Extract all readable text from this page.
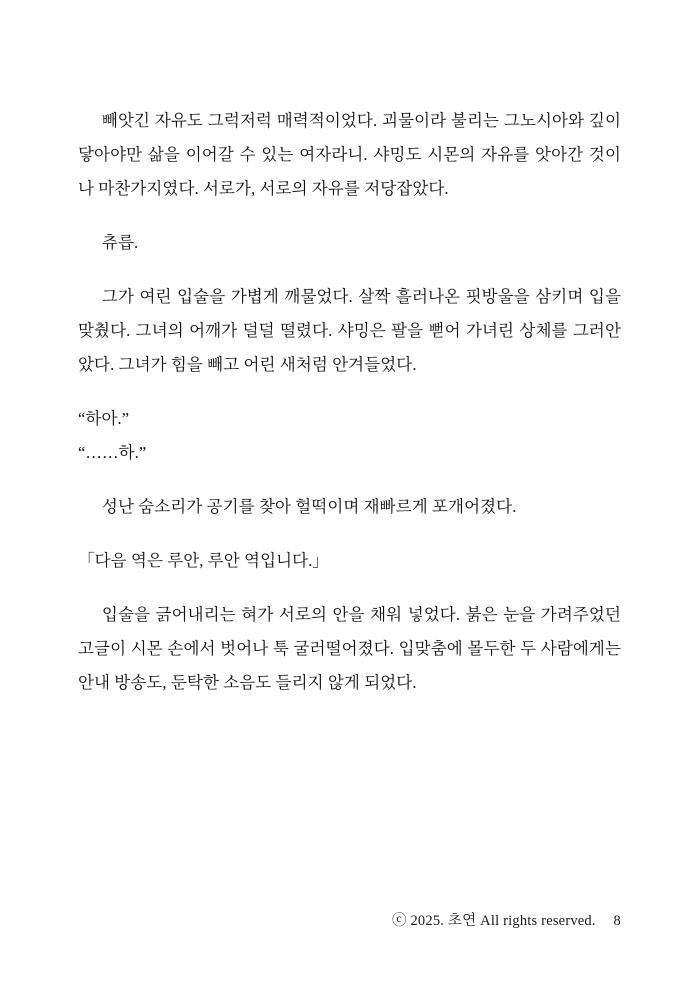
빼앗긴 자유도 그럭저럭 매력적이었다. 괴물이라 불리는 그노시아와 깊이 닿아야만 삶을 이어갈 수 있는 여자라니. 샤밍도 시몬의 자유를 앗아간 것이나 마찬가지였다. 서로가, 서로의 자유를 저당잡았다.

츄릅.

그가 여린 입술을 가볍게 깨물었다. 살짝 흘러나온 핏방울을 삼키며 입을 맞췄다. 그녀의 어깨가 덜덜 떨렸다. 샤밍은 팔을 뻗어 가녀린 상체를 그러안았다. 그녀가 힘을 빼고 어린 새처럼 안겨들었다.

“하아.”

“……하.”

성난 숨소리가 공기를 찾아 헐떡이며 재빠르게 포개어졌다.

「다음 역은 루안, 루안 역입니다.」

입술을 긁어내리는 혀가 서로의 안을 채워 넣었다. 붉은 눈을 가려주었던 고글이 시몬 손에서 벗어나 툭 굴러떨어졌다. 입맞춤에 몰두한 두 사람에게는 안내 방송도, 둔탁한 소음도 들리지 않게 되었다.

ⓒ 2025. 초연 All rights reserved. 8
